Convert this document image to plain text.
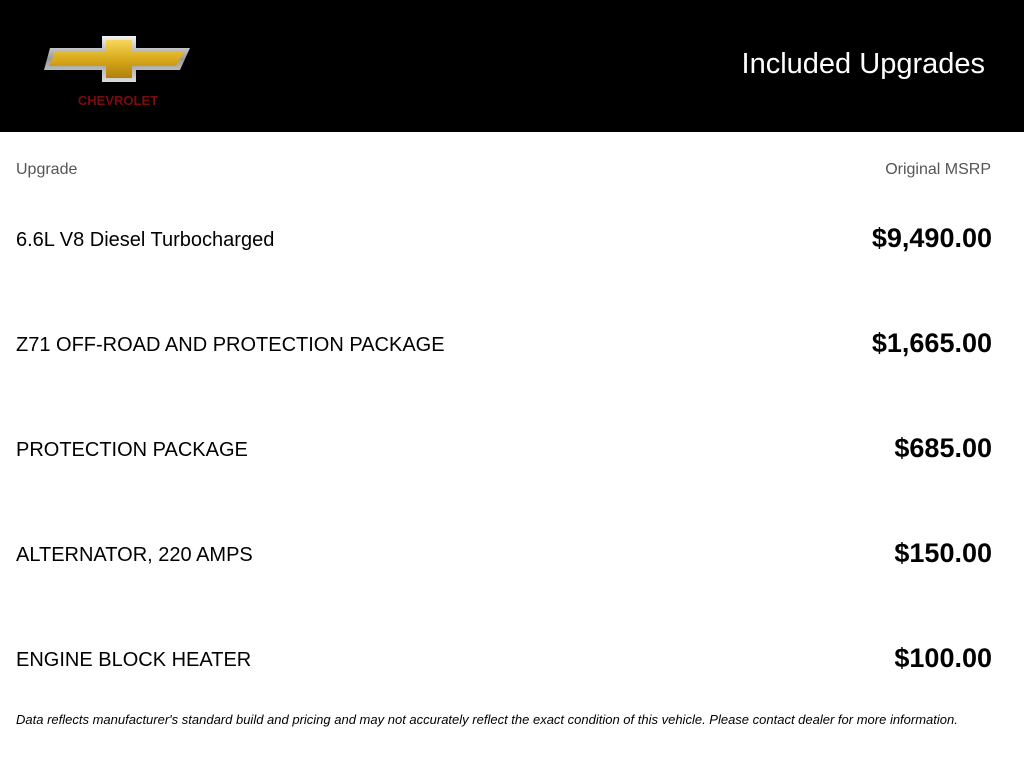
CHEVROLET
Included Upgrades
Upgrade	Original MSRP
6.6L V8 Diesel Turbocharged	$9,490.00
Z71 OFF-ROAD AND PROTECTION PACKAGE	$1,665.00
PROTECTION PACKAGE	$685.00
ALTERNATOR, 220 AMPS	$150.00
ENGINE BLOCK HEATER	$100.00
Data reflects manufacturer's standard build and pricing and may not accurately reflect the exact condition of this vehicle. Please contact dealer for more information.
